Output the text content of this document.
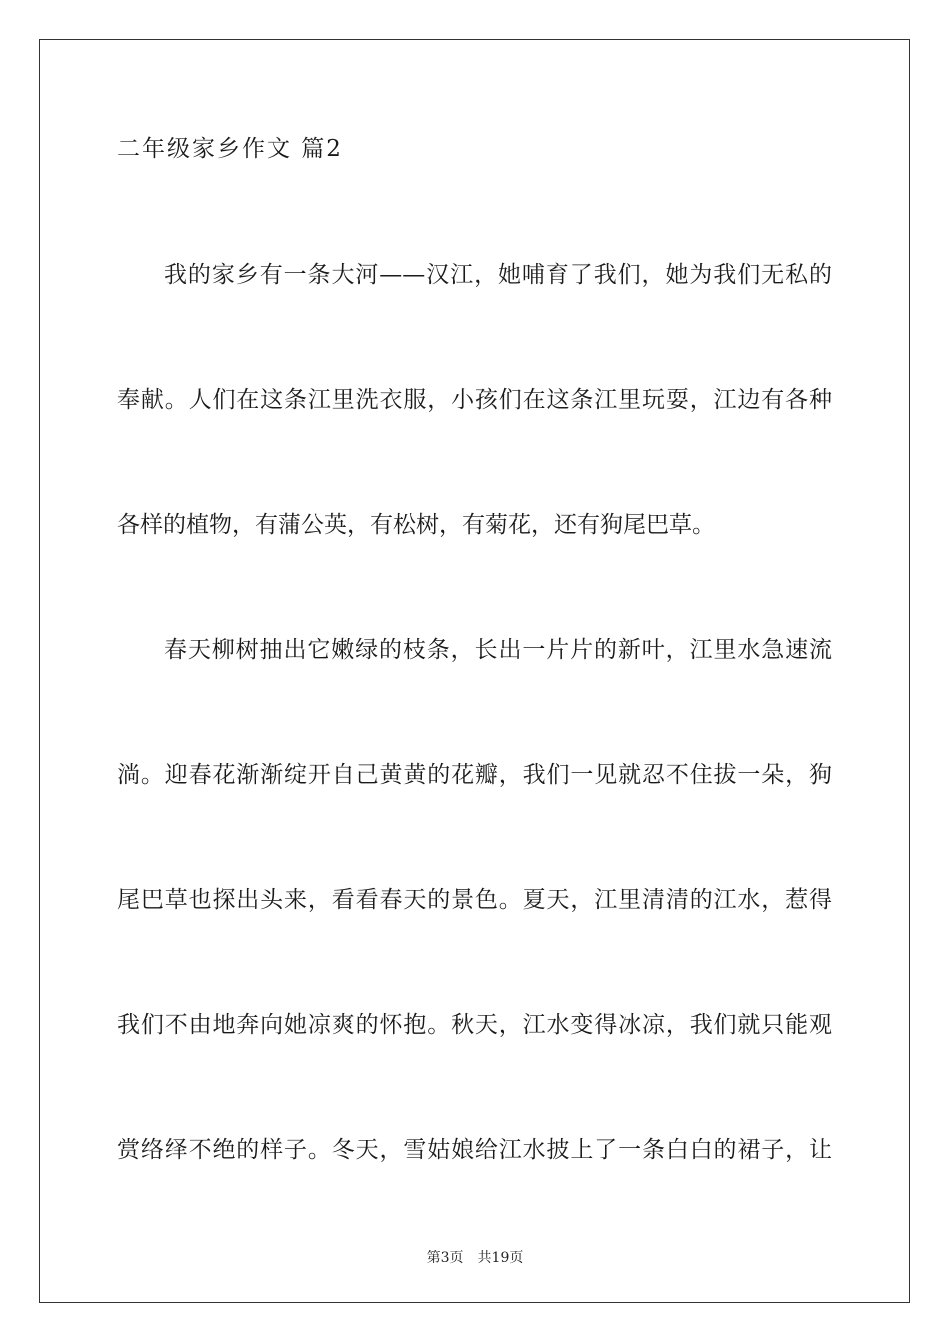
二年级家乡作文 篇2
我的家乡有一条大河——汉江，她哺育了我们，她为我们无私的
奉献。人们在这条江里洗衣服，小孩们在这条江里玩耍，江边有各种
各样的植物，有蒲公英，有松树，有菊花，还有狗尾巴草。
春天柳树抽出它嫩绿的枝条，长出一片片的新叶，江里水急速流
淌。迎春花渐渐绽开自己黄黄的花瓣，我们一见就忍不住拔一朵，狗
尾巴草也探出头来，看看春天的景色。夏天，江里清清的江水，惹得
我们不由地奔向她凉爽的怀抱。秋天，江水变得冰凉，我们就只能观
赏络绎不绝的样子。冬天，雪姑娘给江水披上了一条白白的裙子，让
第3页 共19页
